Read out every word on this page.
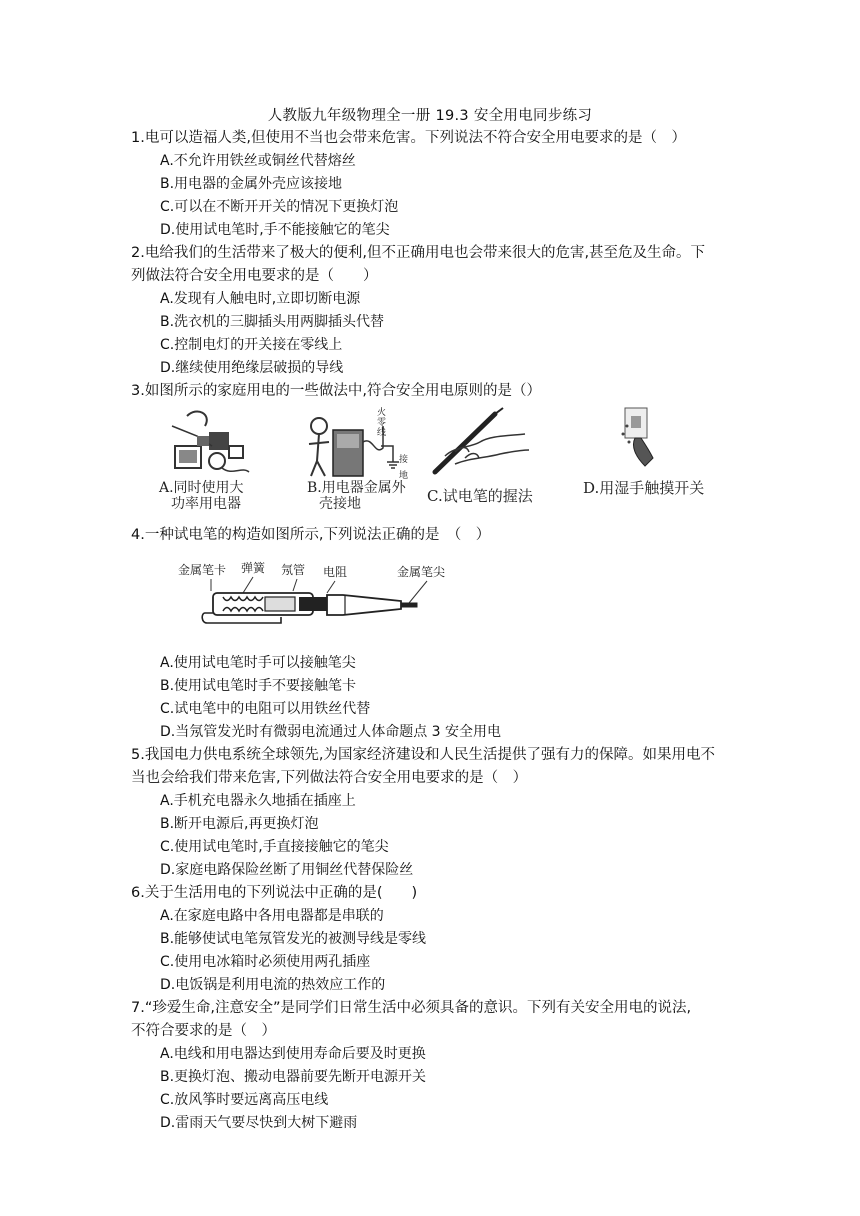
人教版九年级物理全一册 19.3 安全用电同步练习

1.电可以造福人类,但使用不当也会带来危害。下列说法不符合安全用电要求的是（　）

A.不允许用铁丝或铜丝代替熔丝

B.用电器的金属外壳应该接地

C.可以在不断开开关的情况下更换灯泡

D.使用试电笔时,手不能接触它的笔尖

2.电给我们的生活带来了极大的便利,但不正确用电也会带来很大的危害,甚至危及生命。下

列做法符合安全用电要求的是（　　）

A.发现有人触电时,立即切断电源

B.洗衣机的三脚插头用两脚插头代替

C.控制电灯的开关接在零线上

D.继续使用绝缘层破损的导线

3.如图所示的家庭用电的一些做法中,符合安全用电原则的是（）

A.同时使用大
功率用电器
火零线
接地
B.用电器金属外
壳接地	C.试电笔的握法	D.用湿手触摸开关

4.一种试电笔的构造如图所示,下列说法正确的是　（　）

金属笔卡 弹簧 氖管 电阻	金属笔尖

A.使用试电笔时手可以接触笔尖

B.使用试电笔时手不要接触笔卡

C.试电笔中的电阻可以用铁丝代替

D.当氖管发光时有微弱电流通过人体命题点 3 安全用电

5.我国电力供电系统全球领先,为国家经济建设和人民生活提供了强有力的保障。如果用电不

当也会给我们带来危害,下列做法符合安全用电要求的是（　）

A.手机充电器永久地插在插座上

B.断开电源后,再更换灯泡

C.使用试电笔时,手直接接触它的笔尖

D.家庭电路保险丝断了用铜丝代替保险丝

6.关于生活用电的下列说法中正确的是(　　)

A.在家庭电路中各用电器都是串联的

B.能够使试电笔氖管发光的被测导线是零线

C.使用电冰箱时必须使用两孔插座

D.电饭锅是利用电流的热效应工作的

7.“珍爱生命,注意安全”是同学们日常生活中必须具备的意识。下列有关安全用电的说法,

不符合要求的是（　）

A.电线和用电器达到使用寿命后要及时更换

B.更换灯泡、搬动电器前要先断开电源开关

C.放风筝时要远离高压电线

D.雷雨天气要尽快到大树下避雨
